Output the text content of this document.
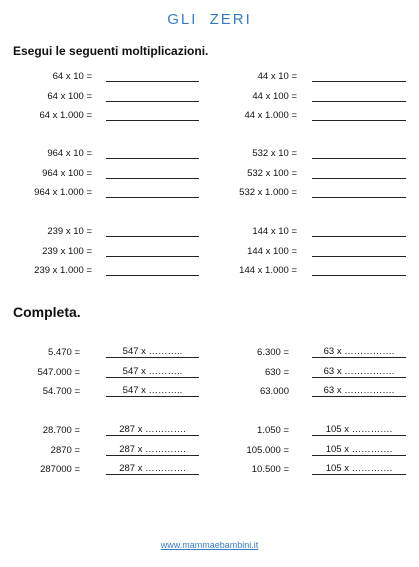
GLI ZERI
Esegui le seguenti moltiplicazioni.
Completa.
64 x 10 =
64 x 100 =
64 x 1.000 =
964 x 10 =
964 x 100 =
964 x 1.000 =
239 x 10 =
239 x 100 =
239 x 1.000 =
44 x 10 =
44 x 100 =
44 x 1.000 =
532 x 10 =
532 x 100 =
532 x 1.000 =
144 x 10 =
144 x 100 =
144 x 1.000 =
5.470 =	547 x ………..
547.000 =	547 x ………..
54.700 =	547 x ………..
28.700 =	287 x ………….
2870 =	287 x ………….
287000 =	287 x ………….
6.300 =	63 x …………….
630 =	63 x …………….
63.000	63 x …………….
1.050 =	105 x ………….
105.000 =	105 x ………….
10.500 =	105 x ………….
www.mammaebambini.it
